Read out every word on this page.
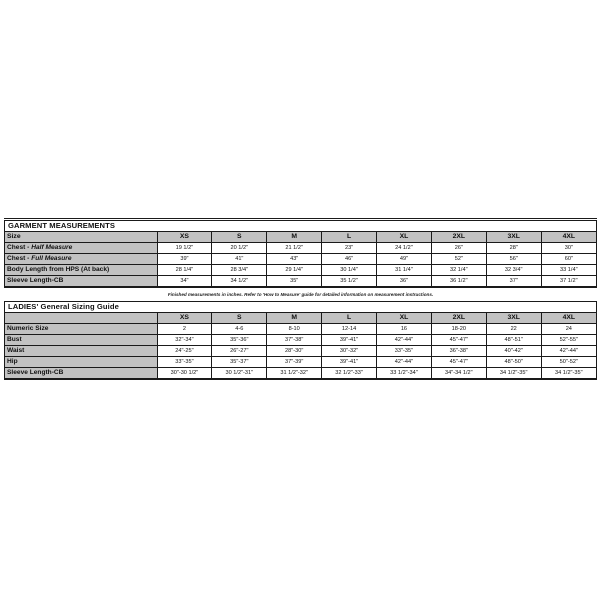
GARMENT MEASUREMENTS
Size	XS	S	M	L	XL	2XL	3XL	4XL
Chest - Half Measure	19 1/2"	20 1/2"	21 1/2"	23"	24 1/2"	26"	28"	30"
Chest - Full Measure	39"	41"	43"	46"	49"	52"	56"	60"
Body Length from HPS (At back)	28 1/4"	28 3/4"	29 1/4"	30 1/4"	31 1/4"	32 1/4"	32 3/4"	33 1/4"
Sleeve Length-CB	34"	34 1/2"	35"	35 1/2"	36"	36 1/2"	37"	37 1/2"
Finished measurements in inches. Refer to 'How to Measure' guide for detailed information on measurement instructions.
LADIES' General Sizing Guide
	XS	S	M	L	XL	2XL	3XL	4XL
Numeric Size	2	4-6	8-10	12-14	16	18-20	22	24
Bust	32"-34"	35"-36"	37"-38"	39"-41"	42"-44"	45"-47"	48"-51"	52"-55"
Waist	24"-25"	26"-27"	28"-30"	30"-32"	33"-35"	36"-38"	40"-42"	42"-44"
Hip	33"-35"	35"-37"	37"-39"	39"-41"	42"-44"	45"-47"	48"-50"	50"-52"
Sleeve Length-CB	30"-30 1/2"	30 1/2"-31"	31 1/2"-32"	32 1/2"-33"	33 1/2"-34"	34"-34 1/2"	34 1/2"-35"	34 1/2"-35"
